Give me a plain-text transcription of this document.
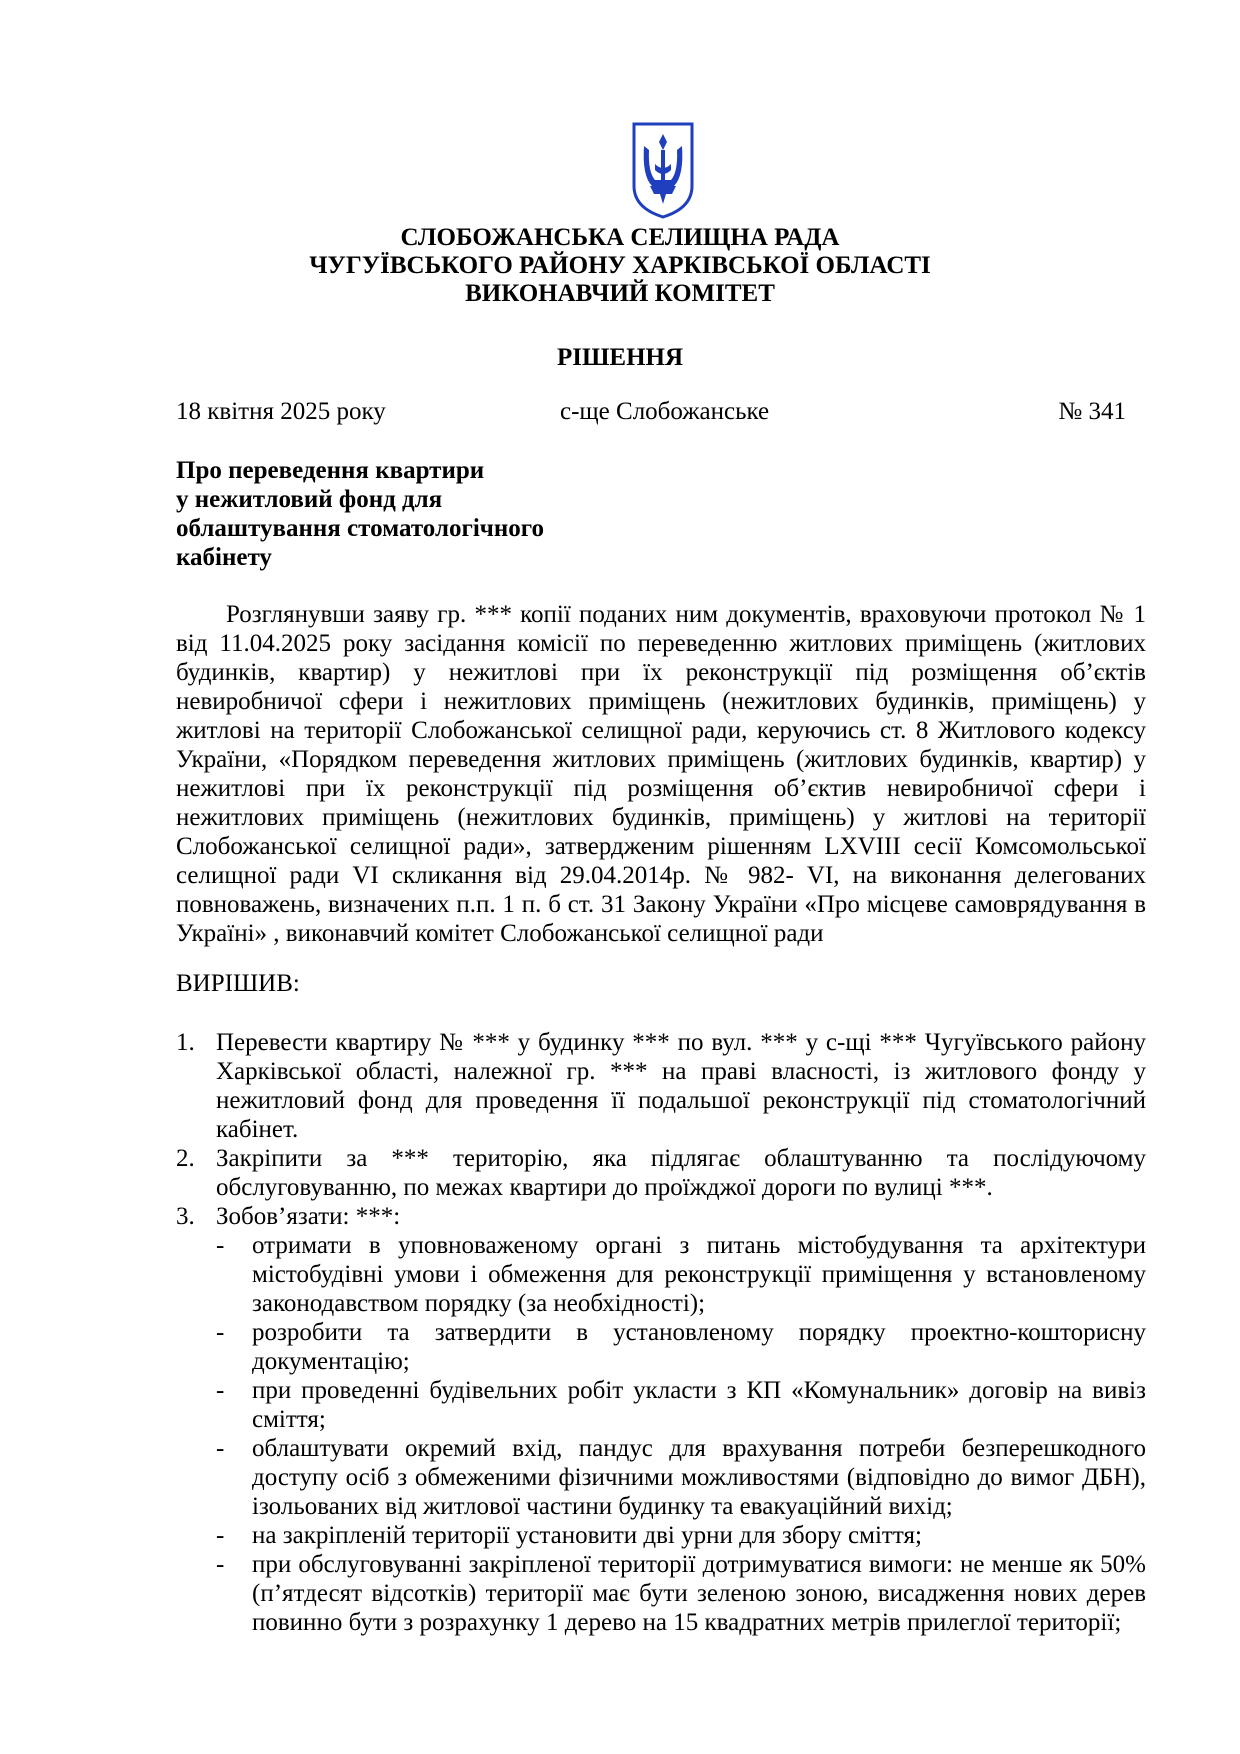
СЛОБОЖАНСЬКА СЕЛИЩНА РАДА
ЧУГУЇВСЬКОГО РАЙОНУ ХАРКІВСЬКОЇ ОБЛАСТІ
ВИКОНАВЧИЙ КОМІТЕТ
РІШЕННЯ
18 квітня 2025 року	с-ще Слобожанське	№ 341
Про переведення квартири
у нежитловий фонд для
облаштування стоматологічного
кабінету
Розглянувши заяву гр. *** копії поданих ним документів, враховуючи протокол № 1 від 11.04.2025 року засідання комісії по переведенню житлових приміщень (житлових будинків, квартир) у нежитлові при їх реконструкції під розміщення об’єктів невиробничої сфери і нежитлових приміщень (нежитлових будинків, приміщень) у житлові на території Слобожанської селищної ради, керуючись ст. 8 Житлового кодексу України, «Порядком переведення житлових приміщень (житлових будинків, квартир) у нежитлові при їх реконструкції під розміщення об’єктив невиробничої сфери і нежитлових приміщень (нежитлових будинків, приміщень) у житлові на території Слобожанської селищної ради», затвердженим рішенням LXVIII сесії Комсомольської селищної ради VI скликання від 29.04.2014р. № 982- VI, на виконання делегованих повноважень, визначених п.п. 1 п. б ст. 31 Закону України «Про місцеве самоврядування в Україні» , виконавчий комітет Слобожанської селищної ради
ВИРІШИВ:
1. Перевести квартиру № *** у будинку *** по вул. *** у с-щі *** Чугуївського району Харківської області, належної гр. *** на праві власності, із житлового фонду у нежитловий фонд для проведення її подальшої реконструкції під стоматологічний кабінет.
2. Закріпити за *** територію, яка підлягає облаштуванню та послідуючому обслуговуванню, по межах квартири до проїжджої дороги по вулиці ***.
3. Зобов’язати: ***:
- отримати в уповноваженому органі з питань містобудування та архітектури містобудівні умови і обмеження для реконструкції приміщення у встановленому законодавством порядку (за необхідності);
- розробити та затвердити в установленому порядку проектно-кошторисну документацію;
- при проведенні будівельних робіт укласти з КП «Комунальник» договір на вивіз сміття;
- облаштувати окремий вхід, пандус для врахування потреби безперешкодного доступу осіб з обмеженими фізичними можливостями (відповідно до вимог ДБН), ізольованих від житлової частини будинку та евакуаційний вихід;
- на закріпленій території установити дві урни для збору сміття;
- при обслуговуванні закріпленої території дотримуватися вимоги: не менше як 50% (п’ятдесят відсотків) території має бути зеленою зоною, висадження нових дерев повинно бути з розрахунку 1 дерево на 15 квадратних метрів прилеглої території;
